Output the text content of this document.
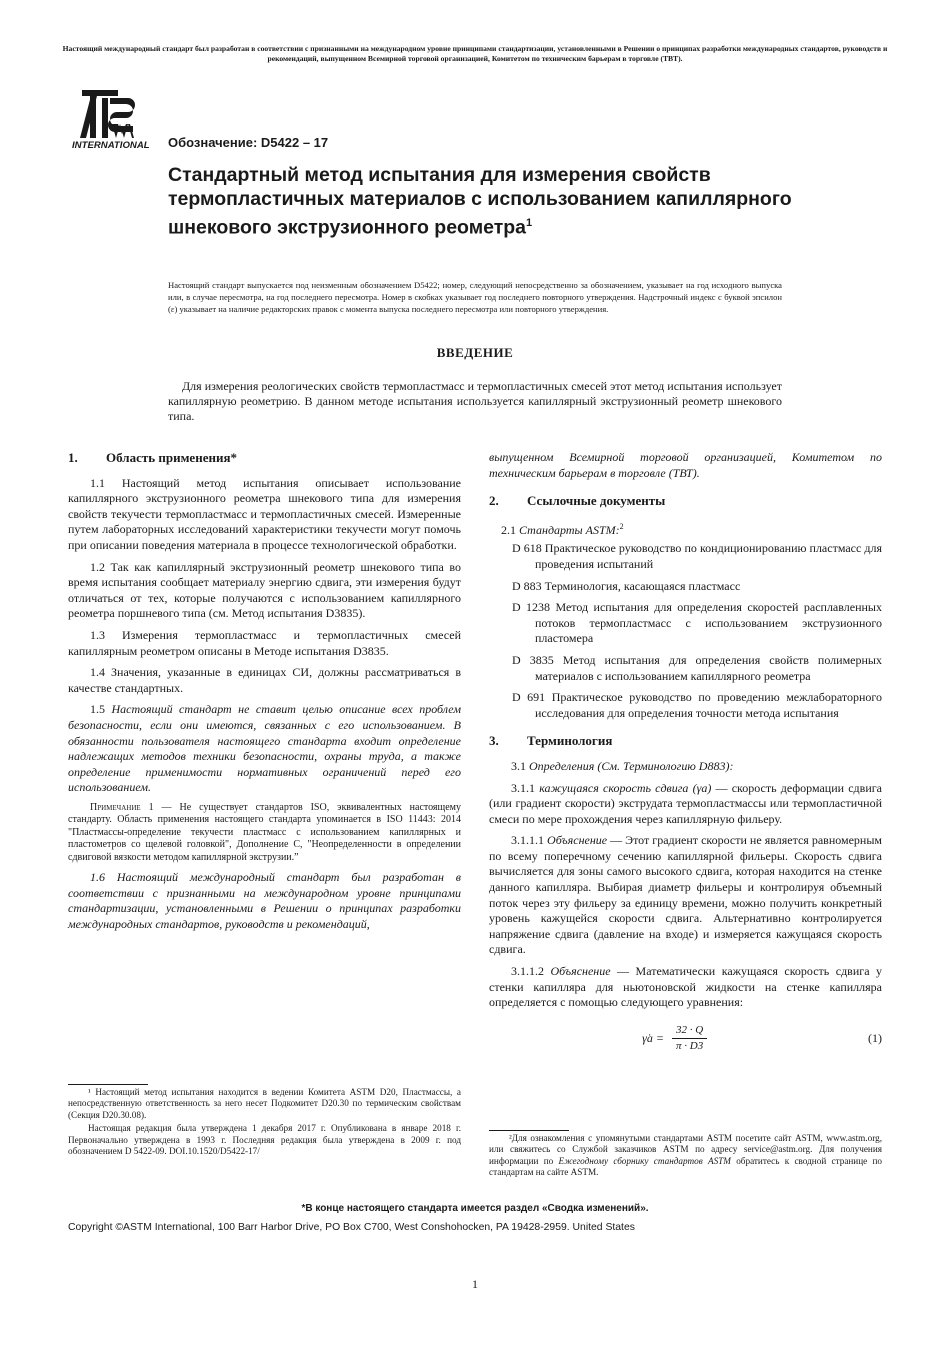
Настоящий международный стандарт был разработан в соответствии с признанными на международном уровне принципами стандартизации, установленными в Решении о принципах разработки международных стандартов, руководств и рекомендаций, выпущенном Всемирной торговой организацией, Комитетом по техническим барьерам в торговле (ТВТ).
INTERNATIONAL Обозначение: D5422 – 17
Стандартный метод испытания для измерения свойств термопластичных материалов с использованием капиллярного шнекового экструзионного реометра$^1$
Настоящий стандарт выпускается под неизменным обозначением D5422; номер, следующий непосредственно за обозначением, указывает на год исходного выпуска или, в случае пересмотра, на год последнего пересмотра. Номер в скобках указывает год последнего повторного утверждения. Надстрочный индекс с буквой эпсилон (ε) указывает на наличие редакторских правок с момента выпуска последнего пересмотра или повторного утверждения.
ВВЕДЕНИЕ
Для измерения реологических свойств термопластмасс и термопластичных смесей этот метод испытания использует капиллярную реометрию. В данном методе испытания используется капиллярный экструзионный реометр шнекового типа.
1.	Область применения*

1.1 Настоящий метод испытания описывает использование капиллярного экструзионного реометра шнекового типа для измерения свойств текучести термопластмасс и термопластичных смесей. Измеренные путем лабораторных исследований характеристики текучести могут помочь при описании поведения материала в процессе технологической обработки.

1.2 Так как капиллярный экструзионный реометр шнекового типа во время испытания сообщает материалу энергию сдвига, эти измерения будут отличаться от тех, которые получаются с использованием капиллярного реометра поршневого типа (см. Метод испытания D3835).

1.3 Измерения термопластмасс и термопластичных смесей капиллярным реометром описаны в Методе испытания D3835.

1.4 Значения, указанные в единицах СИ, должны рассматриваться в качестве стандартных.

1.5 Настоящий стандарт не ставит целью описание всех проблем безопасности, если они имеются, связанных с его использованием. В обязанности пользователя настоящего стандарта входит определение надлежащих методов техники безопасности, охраны труда, а также определение применимости нормативных ограничений перед его использованием.

Примечание 1 — Не существует стандартов ISO, эквивалентных настоящему стандарту. Область применения настоящего стандарта упоминается в ISO 11443: 2014 "Пластмассы-определение текучести пластмасс с использованием капиллярных и пластометров со щелевой головкой", Дополнение С, "Неопределенности в определении сдвиговой вязкости методом капиллярной экструзии.”

1.6 Настоящий международный стандарт был разработан в соответствии с признанными на международном уровне принципами стандартизации, установленными в Решении о принципах разработки международных стандартов, руководств и рекомендаций,

выпущенном Всемирной торговой организацией, Комитетом по техническим барьерам в торговле (ТВТ).

2.	Ссылочные документы

2.1 Стандарты ASTM:$^2$

D 618 Практическое руководство по кондиционированию пластмасс для проведения испытаний

D 883 Терминология, касающаяся пластмасс

D 1238 Метод испытания для определения скоростей расплавленных потоков термопластмасс с использованием экструзионного пластомера

D 3835 Метод испытания для определения свойств полимерных материалов с использованием капиллярного реометра

D 691 Практическое руководство по проведению межлабораторного исследования для определения точности метода испытания

3.	Терминология

3.1 Определения (См. Терминологию D883):

3.1.1 кажущаяся скорость сдвига (γa) — скорость деформации сдвига (или градиент скорости) экструдата термопластмассы или термопластичной смеси по мере прохождения через капиллярную фильеру.

3.1.1.1 Объяснение — Этот градиент скорости не является равномерным по всему поперечному сечению капиллярной фильеры. Скорость сдвига вычисляется для зоны самого высокого сдвига, которая находится на стенке данного капилляра. Выбирая диаметр фильеры и контролируя объемный поток через эту фильеру за единицу времени, можно получить конкретный уровень кажущейся скорости сдвига. Альтернативно контролируется напряжение сдвига (давление на входе) и измеряется кажущаяся скорость сдвига.

3.1.1.2 Объяснение — Математически кажущаяся скорость сдвига у стенки капилляра для ньютоновской жидкости на стенке капилляра определяется с помощью следующего уравнения:

γ̇a = $\frac{32 \cdot Q}{\pi \cdot D3}$	(1)

¹ Настоящий метод испытания находится в ведении Комитета ASTM D20, Пластмассы, а непосредственную ответственность за него несет Подкомитет D20.30 по термическим свойствам (Секция D20.30.08).

Настоящая редакция была утверждена 1 декабря 2017 г. Опубликована в январе 2018 г. Первоначально утверждена в 1993 г. Последняя редакция была утверждена в 2009 г. под обозначением D 5422-09. DOI.10.1520/D5422-17/

²Для ознакомления с упомянутыми стандартами ASTM посетите сайт ASTM, www.astm.org, или свяжитесь со Службой заказчиков ASTM по адресу service@astm.org. Для получения информации по Ежегодному сборнику стандартов ASTM обратитесь к сводной странице по стандартам на сайте ASTM.

*В конце настоящего стандарта имеется раздел «Сводка изменений».
Copyright ©ASTM International, 100 Barr Harbor Drive, PO Box C700, West Conshohocken, PA 19428-2959. United States
1
